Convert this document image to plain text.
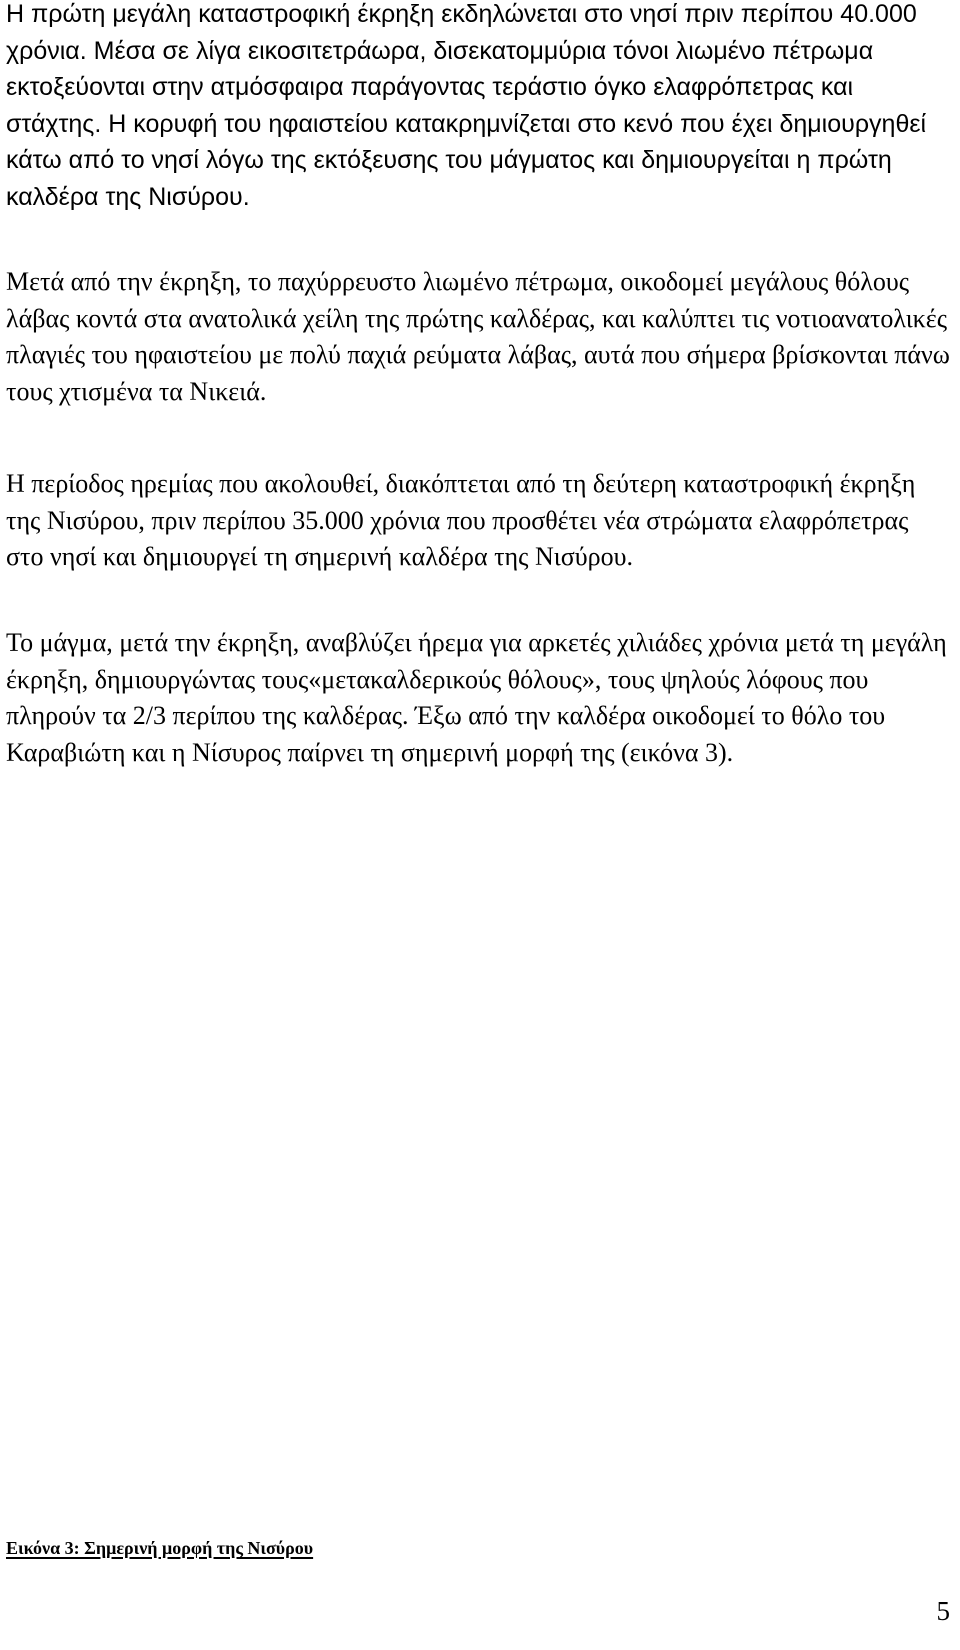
Η πρώτη μεγάλη καταστροφική έκρηξη εκδηλώνεται στο νησί πριν περίπου 40.000 χρόνια. Μέσα σε λίγα εικοσιτετράωρα, δισεκατομμύρια τόνοι λιωμένο πέτρωμα εκτοξεύονται στην ατμόσφαιρα παράγοντας τεράστιο όγκο ελαφρόπετρας και στάχτης. Η κορυφή του ηφαιστείου κατακρημνίζεται στο κενό που έχει δημιουργηθεί κάτω από το νησί λόγω της εκτόξευσης του μάγματος και δημιουργείται η πρώτη καλδέρα της Νισύρου.

Μετά από την έκρηξη, το παχύρρευστο λιωμένο πέτρωμα, οικοδομεί μεγάλους θόλους λάβας κοντά στα ανατολικά χείλη της πρώτης καλδέρας, και καλύπτει τις νοτιοανατολικές πλαγιές του ηφαιστείου με πολύ παχιά ρεύματα λάβας, αυτά που σήμερα βρίσκονται πάνω τους χτισμένα τα Νικειά.

Η περίοδος ηρεμίας που ακολουθεί, διακόπτεται από τη δεύτερη καταστροφική έκρηξη της Νισύρου, πριν περίπου 35.000 χρόνια που προσθέτει νέα στρώματα ελαφρόπετρας στο νησί και δημιουργεί τη σημερινή καλδέρα της Νισύρου.

Το μάγμα, μετά την έκρηξη, αναβλύζει ήρεμα για αρκετές χιλιάδες χρόνια μετά τη μεγάλη έκρηξη, δημιουργώντας τους«μετακαλδερικούς θόλους», τους ψηλούς λόφους που πληρούν τα 2/3 περίπου της καλδέρας. Έξω από την καλδέρα οικοδομεί το θόλο του Καραβιώτη και η Νίσυρος παίρνει τη σημερινή μορφή της (εικόνα 3).

Εικόνα 3: Σημερινή μορφή της Νισύρου

5
